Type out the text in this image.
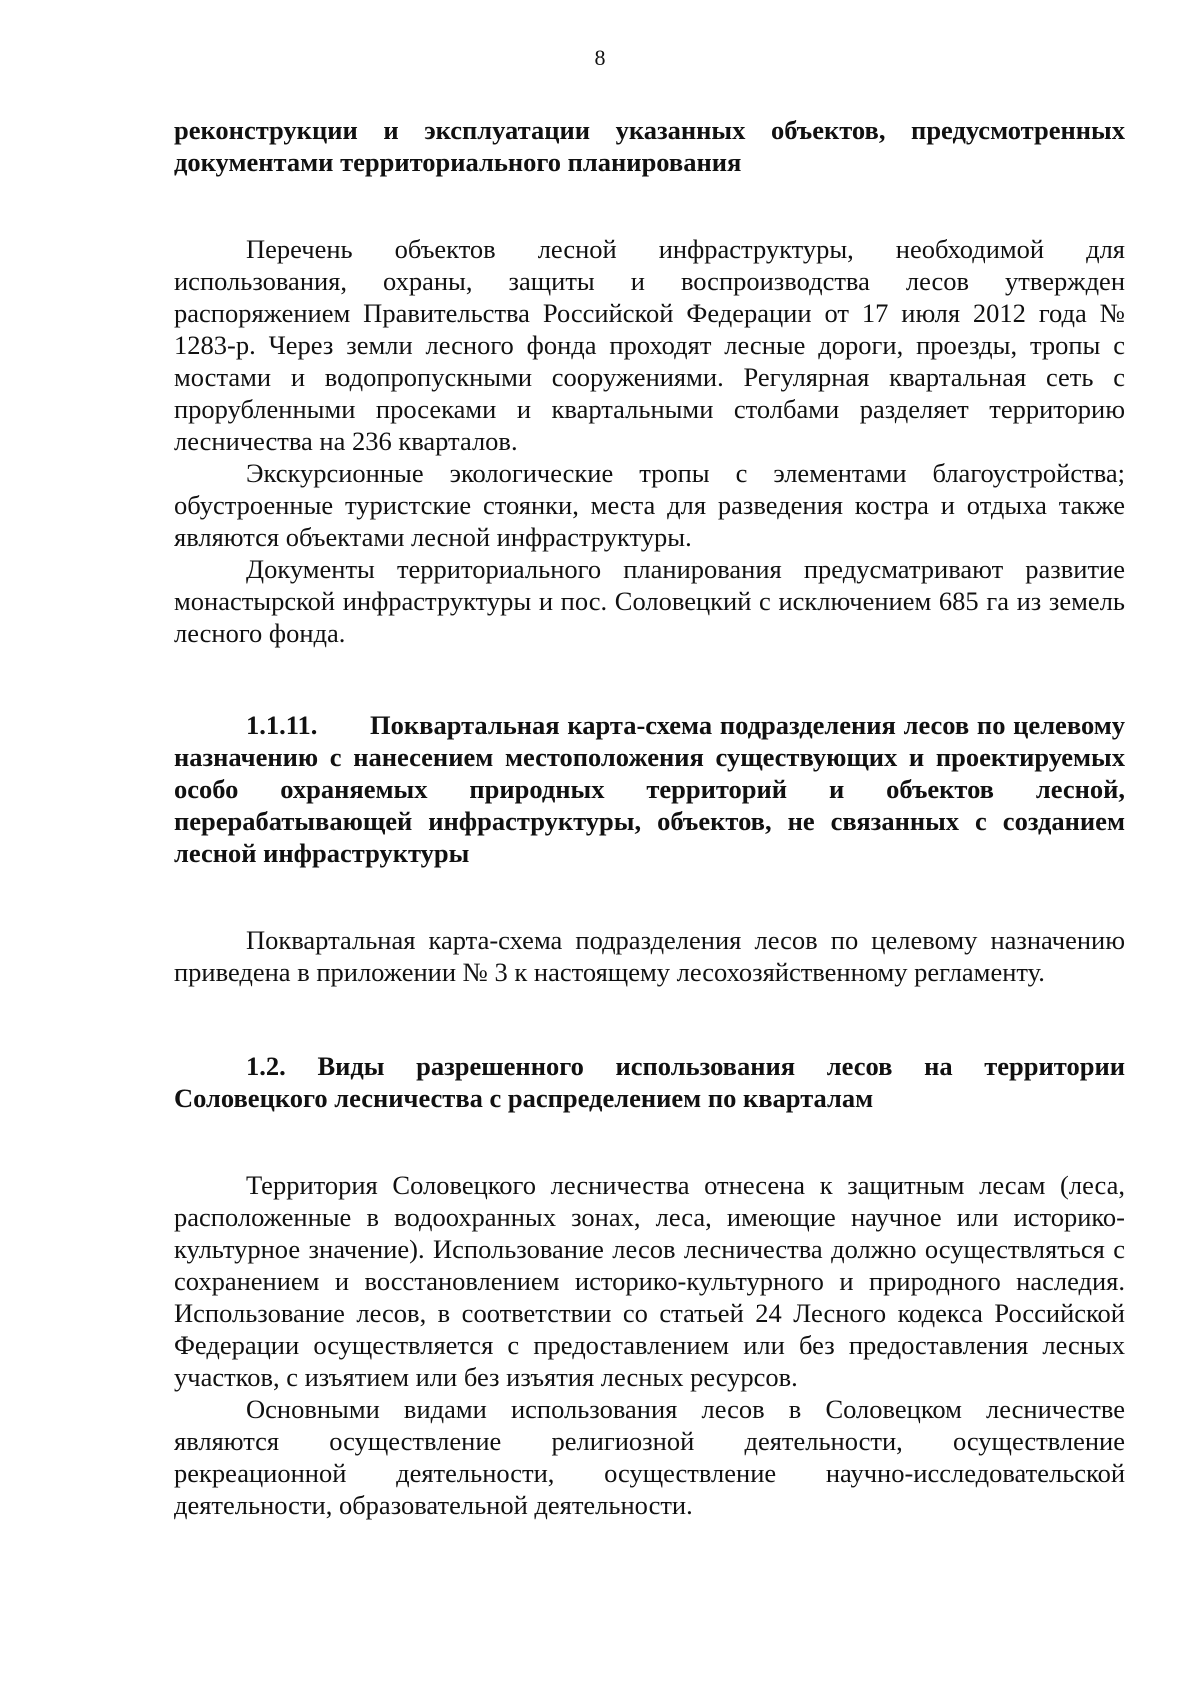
8

реконструкции и эксплуатации указанных объектов, предусмотренных документами территориального планирования

Перечень объектов лесной инфраструктуры, необходимой для использования, охраны, защиты и воспроизводства лесов утвержден распоряжением Правительства Российской Федерации от 17 июля 2012 года № 1283-р. Через земли лесного фонда проходят лесные дороги, проезды, тропы с мостами и водопропускными сооружениями. Регулярная квартальная сеть с прорубленными просеками и квартальными столбами разделяет территорию лесничества на 236 кварталов.

Экскурсионные экологические тропы с элементами благоустройства; обустроенные туристские стоянки, места для разведения костра и отдыха также являются объектами лесной инфраструктуры.

Документы территориального планирования предусматривают развитие монастырской инфраструктуры и пос. Соловецкий с исключением 685 га из земель лесного фонда.

1.1.11. Поквартальная карта-схема подразделения лесов по целевому назначению с нанесением местоположения существующих и проектируемых особо охраняемых природных территорий и объектов лесной, перерабатывающей инфраструктуры, объектов, не связанных с созданием лесной инфраструктуры

Поквартальная карта-схема подразделения лесов по целевому назначению приведена в приложении № 3 к настоящему лесохозяйственному регламенту.

1.2. Виды разрешенного использования лесов на территории Соловецкого лесничества с распределением по кварталам

Территория Соловецкого лесничества отнесена к защитным лесам (леса, расположенные в водоохранных зонах, леса, имеющие научное или историко-культурное значение). Использование лесов лесничества должно осуществляться с сохранением и восстановлением историко-культурного и природного наследия. Использование лесов, в соответствии со статьей 24 Лесного кодекса Российской Федерации осуществляется с предоставлением или без предоставления лесных участков, с изъятием или без изъятия лесных ресурсов.

Основными видами использования лесов в Соловецком лесничестве являются осуществление религиозной деятельности, осуществление рекреационной деятельности, осуществление научно-исследовательской деятельности, образовательной деятельности.
